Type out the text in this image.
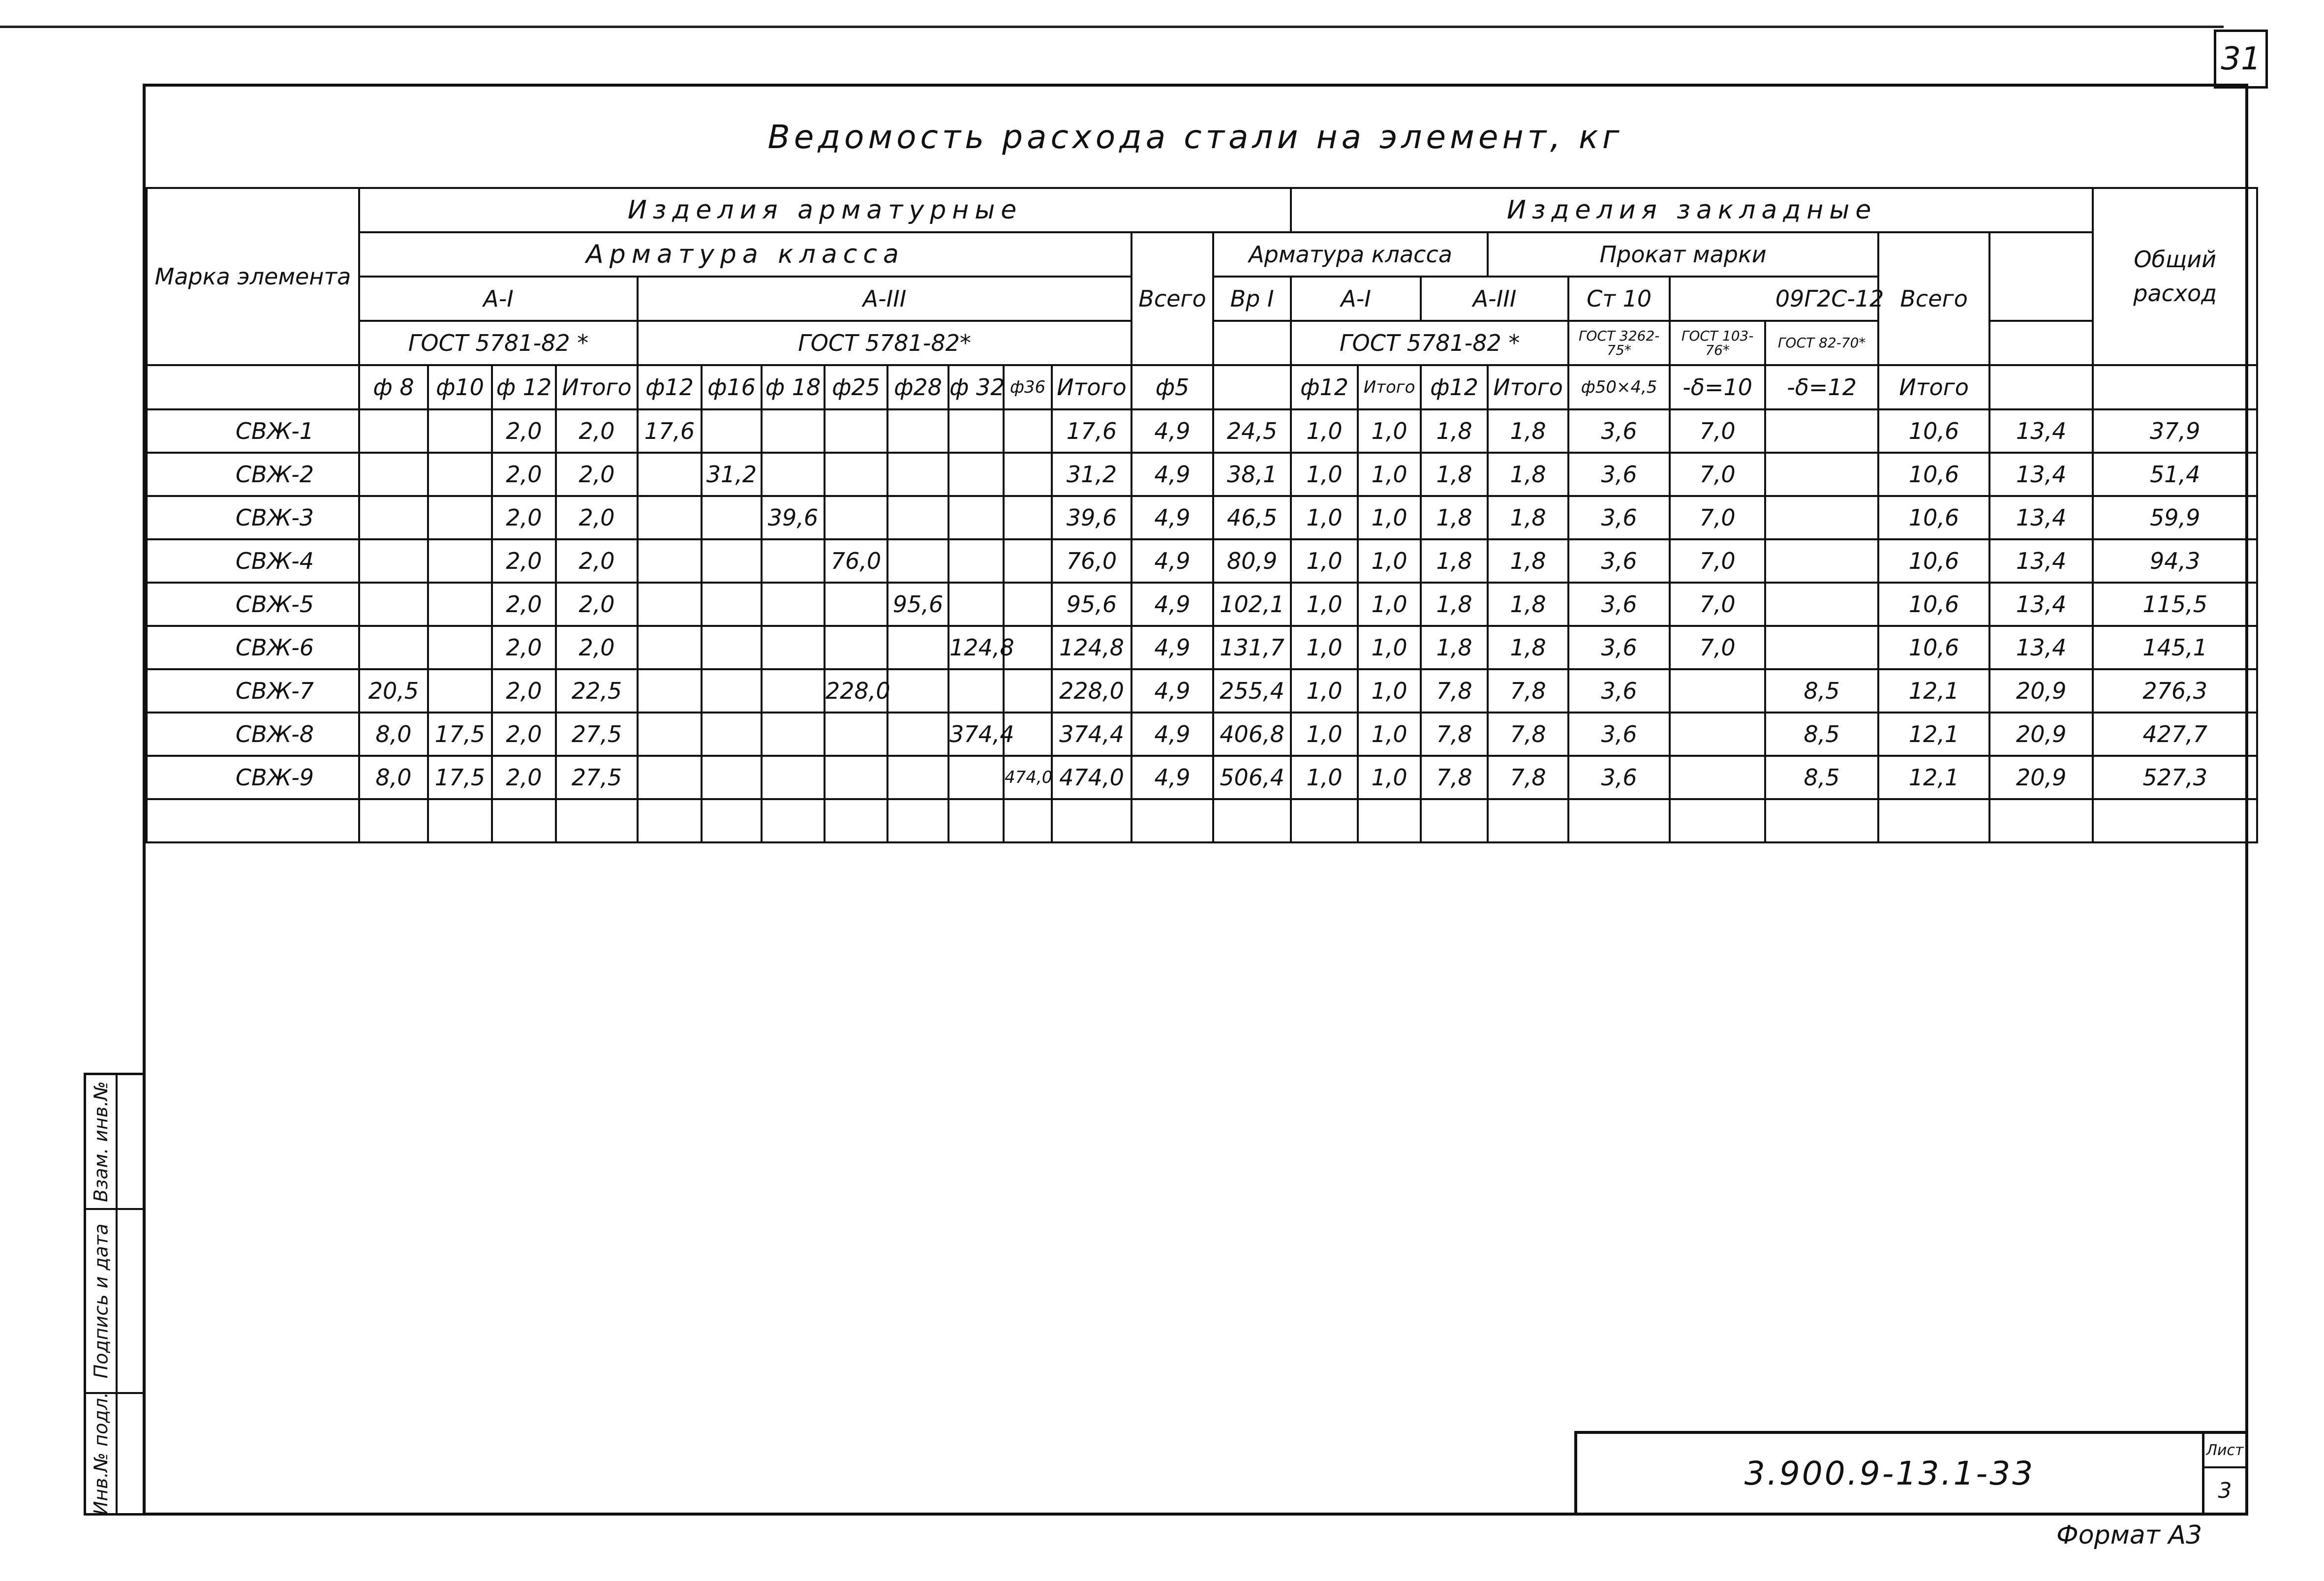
31
Ведомость расхода стали на элемент, кг
Марка элемента	Изделия арматурные														Изделия закладные									Общий расход
	Арматура класса												Всего	Арматура класса				Прокат марки				Всего		
	A-I				A-III									Bp I	A-I		A-III		Ст 10	09Г2С-12				
	ГОСТ 5781-82 *				ГОСТ 5781-82*										ГОСТ 5781-82 *				ГОСТ 3262-75*	ГОСТ 103-76*	ГОСТ 82-70*			
	ф 8	ф10	ф 12	Итого	ф12	ф16	ф 18	ф25	ф28	ф 32	ф36	Итого	ф5		ф12	Итого	ф12	Итого	ф50×4,5	-δ=10	-δ=12	Итого		
СВЖ-1			2,0	2,0	17,6							17,6	4,9	24,5	1,0	1,0	1,8	1,8	3,6	7,0		10,6	13,4	37,9
СВЖ-2			2,0	2,0		31,2						31,2	4,9	38,1	1,0	1,0	1,8	1,8	3,6	7,0		10,6	13,4	51,4
СВЖ-3			2,0	2,0			39,6					39,6	4,9	46,5	1,0	1,0	1,8	1,8	3,6	7,0		10,6	13,4	59,9
СВЖ-4			2,0	2,0				76,0				76,0	4,9	80,9	1,0	1,0	1,8	1,8	3,6	7,0		10,6	13,4	94,3
СВЖ-5			2,0	2,0					95,6			95,6	4,9	102,1	1,0	1,0	1,8	1,8	3,6	7,0		10,6	13,4	115,5
СВЖ-6			2,0	2,0						124,8		124,8	4,9	131,7	1,0	1,0	1,8	1,8	3,6	7,0		10,6	13,4	145,1
СВЖ-7	20,5		2,0	22,5				228,0				228,0	4,9	255,4	1,0	1,0	7,8	7,8	3,6		8,5	12,1	20,9	276,3
СВЖ-8	8,0	17,5	2,0	27,5						374,4		374,4	4,9	406,8	1,0	1,0	7,8	7,8	3,6		8,5	12,1	20,9	427,7
СВЖ-9	8,0	17,5	2,0	27,5							474,0	474,0	4,9	506,4	1,0	1,0	7,8	7,8	3,6		8,5	12,1	20,9	527,3

Взам. инв.№
Подпись и дата
Инв.№ подл.	3.900.9-13.1-33
Лист
3
Формат А3
